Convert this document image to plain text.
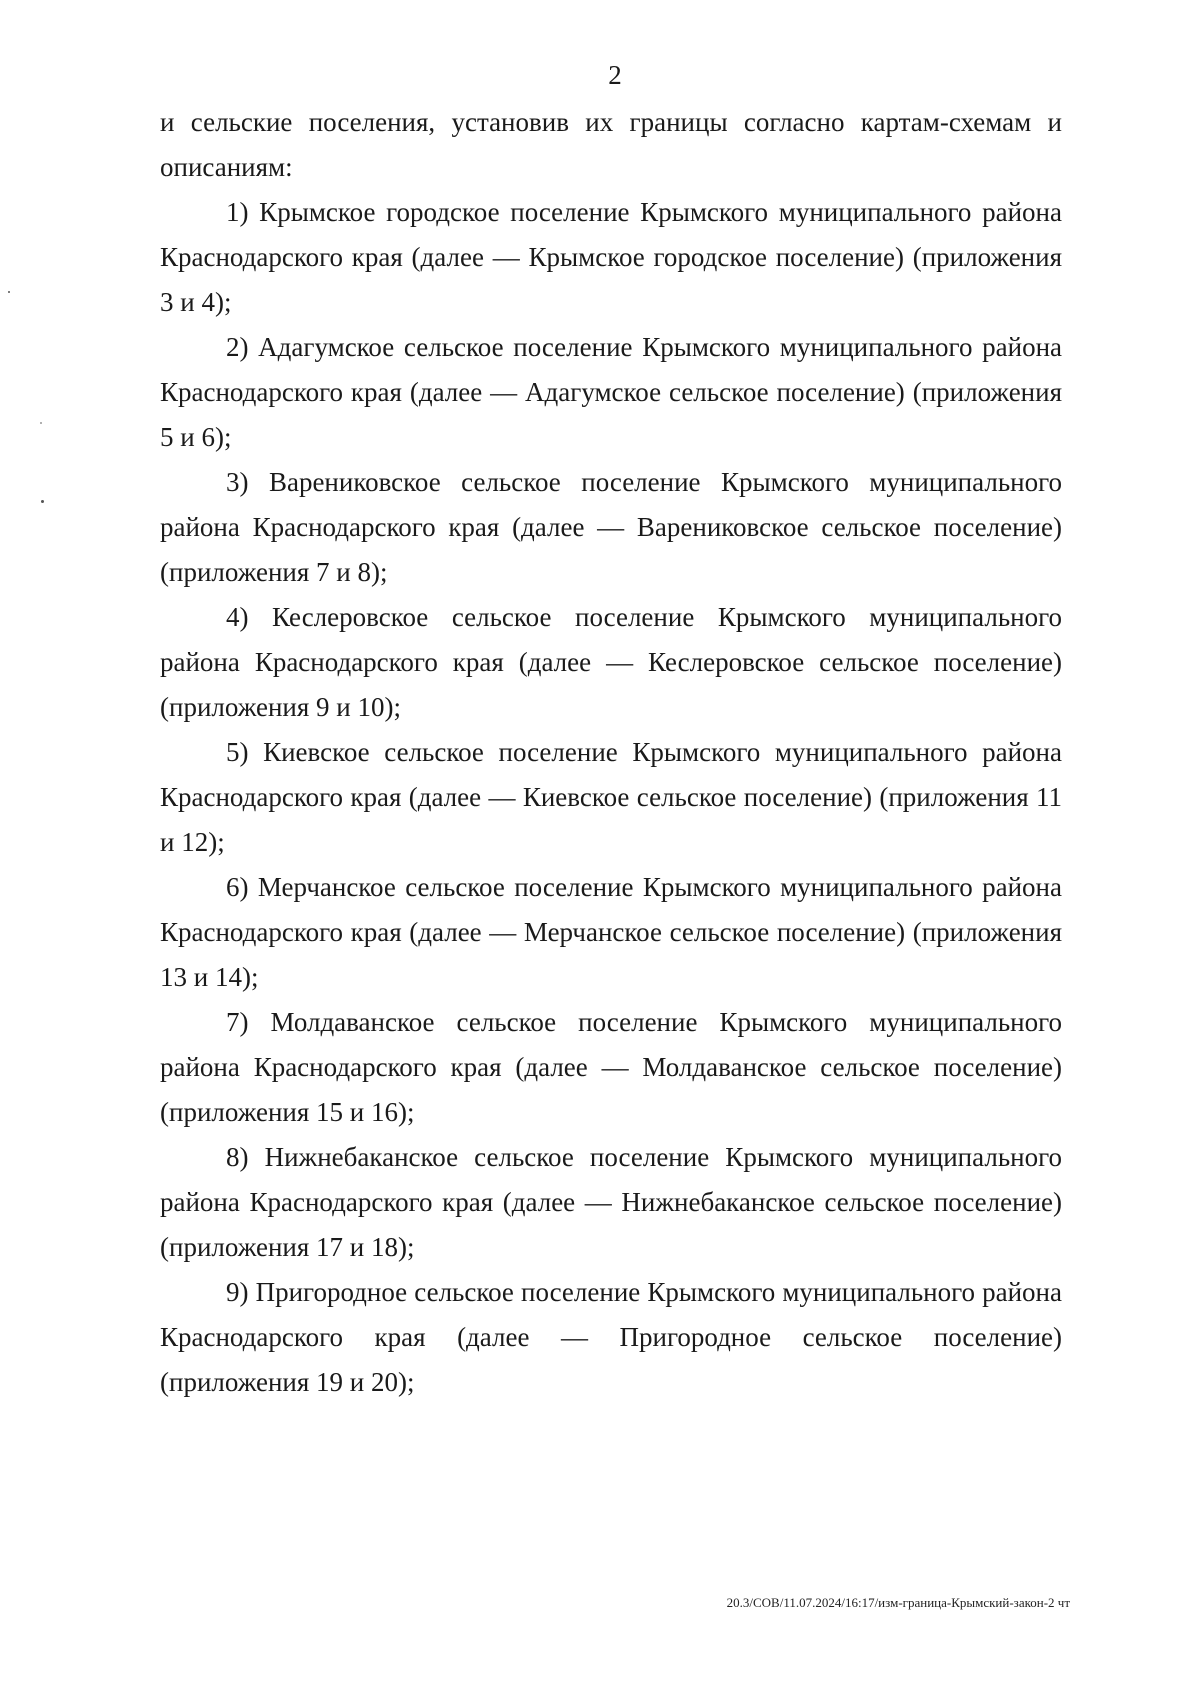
2

и сельские поселения, установив их границы согласно картам-схемам и описаниям:

1) Крымское городское поселение Крымского муниципального района Краснодарского края (далее — Крымское городское поселение) (приложения 3 и 4);

2) Адагумское сельское поселение Крымского муниципального района Краснодарского края (далее — Адагумское сельское поселение) (приложения 5 и 6);

3) Варениковское сельское поселение Крымского муниципального района Краснодарского края (далее — Варениковское сельское поселение) (приложения 7 и 8);

4) Кеслеровское сельское поселение Крымского муниципального района Краснодарского края (далее — Кеслеровское сельское поселение) (приложения 9 и 10);

5) Киевское сельское поселение Крымского муниципального района Краснодарского края (далее — Киевское сельское поселение) (приложения 11 и 12);

6) Мерчанское сельское поселение Крымского муниципального района Краснодарского края (далее — Мерчанское сельское поселение) (приложения 13 и 14);

7) Молдаванское сельское поселение Крымского муниципального района Краснодарского края (далее — Молдаванское сельское поселение) (приложения 15 и 16);

8) Нижнебаканское сельское поселение Крымского муниципального района Краснодарского края (далее — Нижнебаканское сельское поселение) (приложения 17 и 18);

9) Пригородное сельское поселение Крымского муниципального района Краснодарского края (далее — Пригородное сельское поселение) (приложения 19 и 20);

20.3/СОВ/11.07.2024/16:17/изм-граница-Крымский-закон-2 чт
